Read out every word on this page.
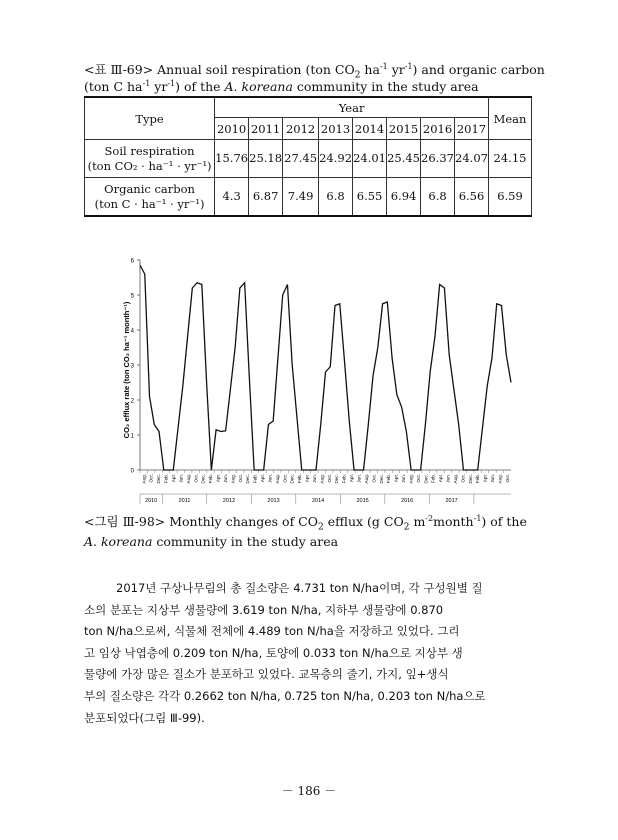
<표 Ⅲ-69> Annual soil respiration (ton $CO_2$ $ha^{-1}$ $yr^{-1}$) and organic carbon
(ton C $ha^{-1}$ $yr^{-1}$) of the A. koreana community in the study area
Type	Year								Mean
	2010	2011	2012	2013	2014	2015	2016	2017	
Soil respiration
(ton CO₂ · ha⁻¹ · yr⁻¹)	15.76	25.18	27.45	24.92	24.01	25.45	26.37	24.07	24.15
Organic carbon
(ton C · ha⁻¹ · yr⁻¹)	4.3	6.87	7.49	6.8	6.55	6.94	6.8	6.56	6.59
0
1
2
3
4
5
6
Aug. Oct. Dec. Feb. Apr. Jun. Aug. Oct. Dec. Feb. Apr. Jun. Aug. Oct. Dec. Feb. Apr. Jun. Aug. Oct. Dec. Feb. Apr. Jun. Aug. Oct. Dec. Feb. Apr. Jun. Aug. Oct. Dec. Feb. Apr. Jun. Aug. Oct. Dec. Feb. Apr. Jun. Aug. Oct. Dec. Feb. Apr. Jun. Aug. Oct.
2010	2011	2012	2013	2014	2015	2016	2017
CO₂ efflux rate (ton CO₂ ha⁻¹ month⁻¹)
<그림 Ⅲ-98> Monthly changes of $CO_2$ efflux (g $CO_2$ $m^{-2}month^{-1}$) of the
A. koreana community in the study area
2017년 구상나무림의 총 질소량은 4.731 ton N/ha이며, 각 구성원별 질
소의 분포는 지상부 생물량에 3.619 ton N/ha, 지하부 생물량에 0.870
ton N/ha으로써, 식물체 전체에 4.489 ton N/ha을 저장하고 있었다. 그리
고 임상 낙엽층에 0.209 ton N/ha, 토양에 0.033 ton N/ha으로 지상부 생
물량에 가장 많은 질소가 분포하고 있었다. 교목층의 줄기, 가지, 잎+생식
부의 질소량은 각각 0.2662 ton N/ha, 0.725 ton N/ha, 0.203 ton N/ha으로
분포되었다(그림 Ⅲ-99).
－ 186 －
